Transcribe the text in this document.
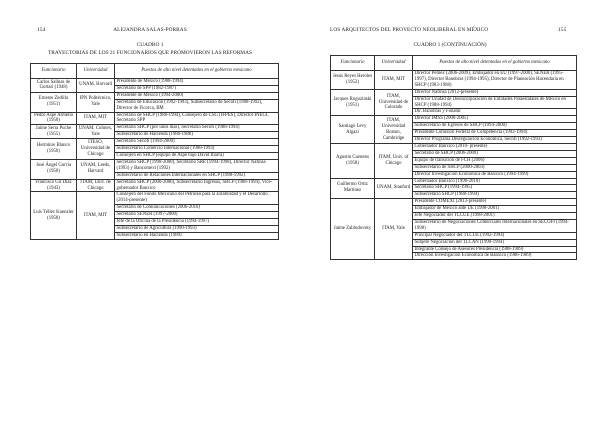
154	ALEJANDRA SALAS-PORRAS
CUADRO 1
TRAYECTORIAS DE LOS 21 FUNCIONARIOS QUE PROMOVIERON LAS REFORMAS
Funcionario	Universidad	Puestos de alto nivel detentados en el gobierno mexicano
Carlos Salinas de Gortari (1948)	UNAM, Harvard	Presidente de México (1988-1994)
		Secretario de SPP (1982-1987)
Ernesto Zedillo (1951)	IPN Politécnico, Yale	Presidente de México (1994-2000)
		Secretario de Educación (1992-1993), Subsecretario de Secofi (1988-1992), Director de Ficorca, BM
Pedro Aspe Armella (1950)	ITAM, MIT	Secretario de SHCP (1988-1994), Consejero de CSG (IFPES), Director INEGI, Secretario SPP
Jaime Serra Puche (1955)	UNAM, Colmex, Yale	Secretario SHCP (por unos días), Secretario Secofi (1988-1994)
		Subsecretario de Hacienda (1986-1988)
Herminio Blanco (1950)	ITESO, Universidad de Chicago	Secretario Secofi (1994-2000)
		Subsecretario Comercio Internacional (1988-1993)
		Consejero en SHCP (equipo de Aspe bajo David Ibarra)
José Ángel Gurría (1950)	UNAM, Leeds, Harvard	Secretario SHCP (1998-2000), Secretario SRE (1994-1998), Director Nafinsa (1993) y Bancomext (1992)
		Subsecretario de Relaciones Internacionales en SHCP (1988-1992)
Francisco Gil Díaz (1943)	ITAM, Univ. de Chicago	Secretario SHCP (2000-2006), Subsecretario Ingresos, SHCP (1988-1994), Vice-gobernador Banxico
Luis Téllez Kuenzler (1958)	ITAM, MIT	Consejero del Fondo Mexicano del Petróleo para la Estabilidad y el Desarrollo (2014-presente)
		Secretario de Comunicaciones (2006-2010)
		Secretario SENER (1997-2000)
		Jefe de la Oficina de la Presidencia (1994-1997)
		Subsecretario de Agricultura (1990-1993)
		Subsecretario en Hacienda (1989)
LOS ARQUITECTOS DEL PROYECTO NEOLIBERAL EN MÉXICO	155
CUADRO 1 (CONTINUACIÓN)
Funcionario	Universidad	Puestos de alto nivel detentados en el gobierno mexicano
Jesús Reyes Heroles (1952)	ITAM, MIT	Director Pemex (2006-2009), Embajador en EU (1997-2000), SENER (1995-1997), Director Banobras (1994-1995), Director de Planeación Hacendaria en SHCP (1983-1988)
Jacques Rogozinski (1951)	ITAM, Universidad de Colorado	Director Nafinsa (2012-presente)
		Director Unidad de Desincorporación de Entidades Paraestatales de México en SHCP (1988-1994)
		Dir. Banobras y Fonatur
Santiago Levy Algazi	ITAM, Universidad Boston, Cambridge	Director IMSS (2000-2005)
		Subsecretario de Egresos de SHCP (1994-2000)
		Presidente Comisión Federal de Competencia (1993-1994)
		Director Programa Desregulación Económica, Secofi (1992-1993)
Agustín Carstens (1958)	ITAM, Univ. of Chicago	Gobernador Banxico (2010- presente)
		Secretario de SHCP (2006-2009)
		Equipo de transición de FCH (2006)
		Subsecretario de SHCP (2000-2003)
		Director Investigación Económica de Banxico (1994-1999)
Guillermo Ortiz Martínez	UNAM, Stanford	Gobernador Banxico (1998-2010)
		Secretario SHCP (1994-1995)
		Subsecretario SHCP (1988-1994)
Jaime Zabludovsky	ITAM, Yale	Presidente COMEXI (2013-presente)
		Embajador de México ante UE (1998-2001)
		Jefe Negociador del TLCUE (1998-2001)
		Subsecretario de Negociaciones Comerciales Internacionales en SECOFI (1994-1998)
		Principal Negociador del TLCUE (1992-1994)
		Subjefe Negociación del TLCAN (1990-1994)
		Integrante Consejo de Asesores Presidencia (1988-1989)
		Dirección Investigación Económica de Banxico (1986-1989)
